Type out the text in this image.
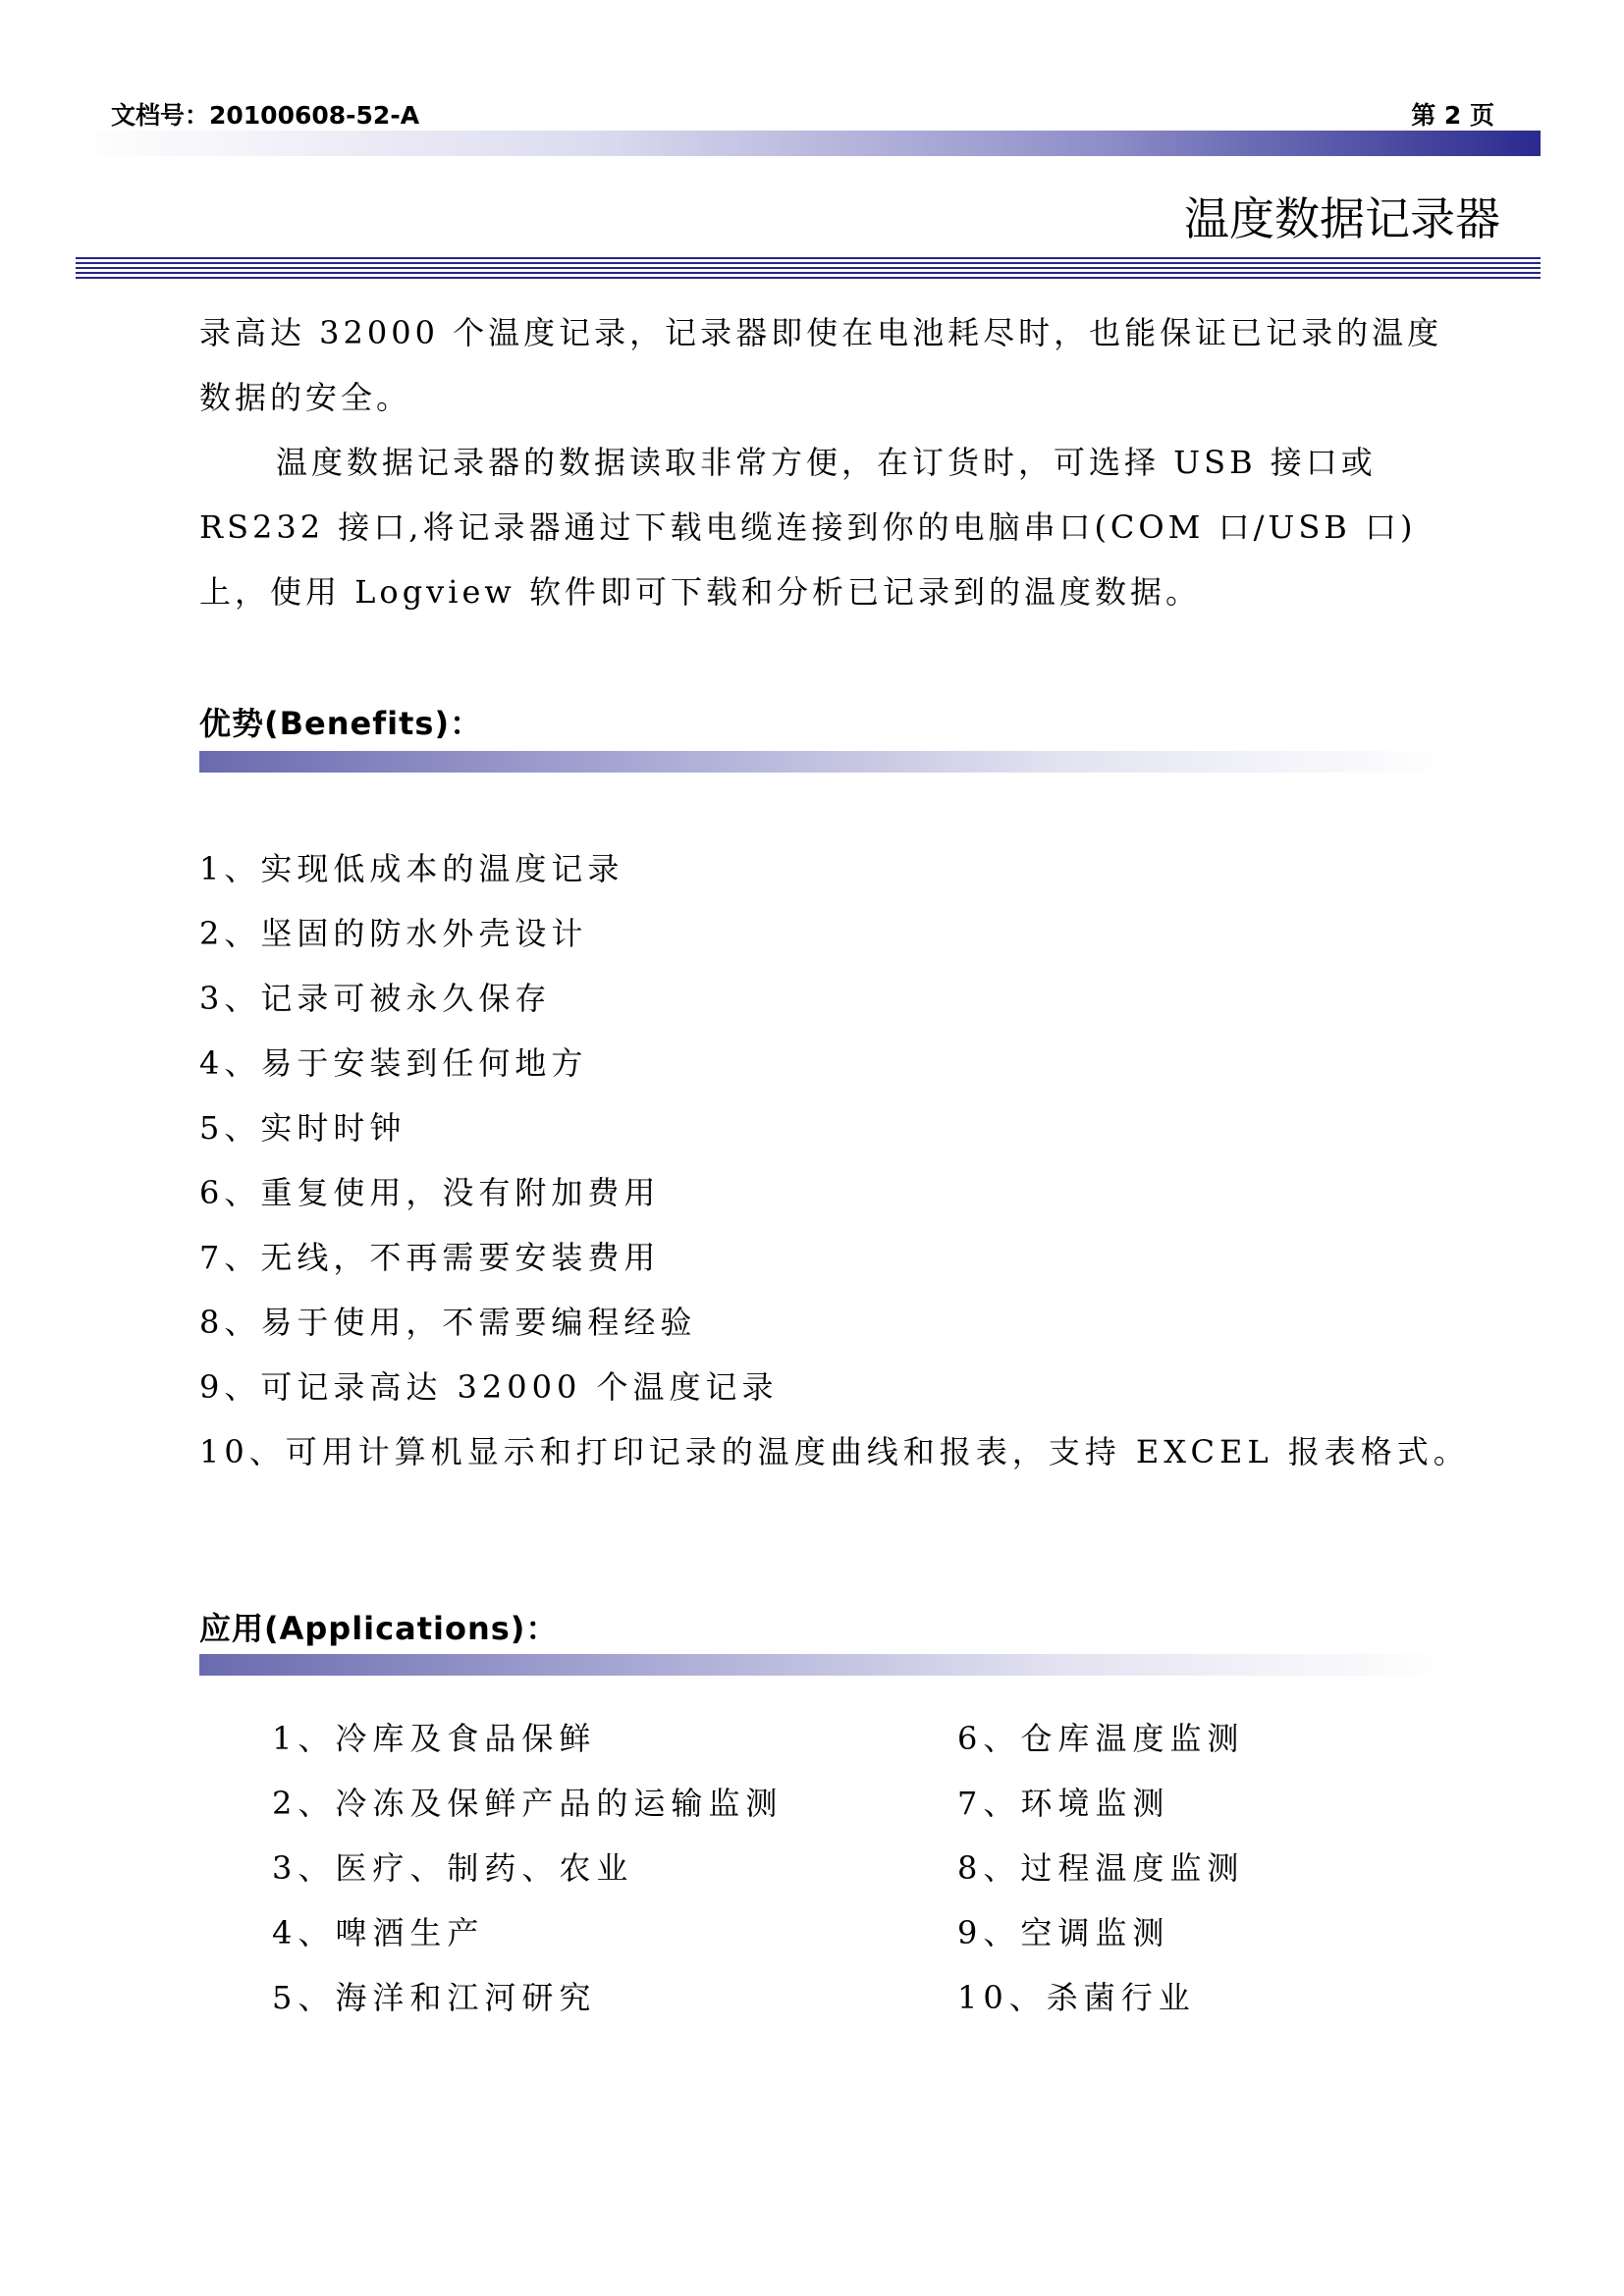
文档号：20100608-52-A	第 2 页
温度数据记录器

录高达 32000 个温度记录，记录器即使在电池耗尽时，也能保证已记录的温度数据的安全。

温度数据记录器的数据读取非常方便，在订货时，可选择 USB 接口或 RS232 接口,将记录器通过下载电缆连接到你的电脑串口(COM 口/USB 口)上，使用 Logview 软件即可下载和分析已记录到的温度数据。

优势(Benefits)：
1、实现低成本的温度记录
2、坚固的防水外壳设计
3、记录可被永久保存
4、易于安装到任何地方
5、实时时钟
6、重复使用，没有附加费用
7、无线，不再需要安装费用
8、易于使用，不需要编程经验
9、可记录高达 32000 个温度记录
10、可用计算机显示和打印记录的温度曲线和报表，支持 EXCEL 报表格式。
应用(Applications)：
1、冷库及食品保鲜
2、冷冻及保鲜产品的运输监测
3、医疗、制药、农业
4、啤酒生产
5、海洋和江河研究
6、仓库温度监测
7、环境监测
8、过程温度监测
9、空调监测
10、杀菌行业
